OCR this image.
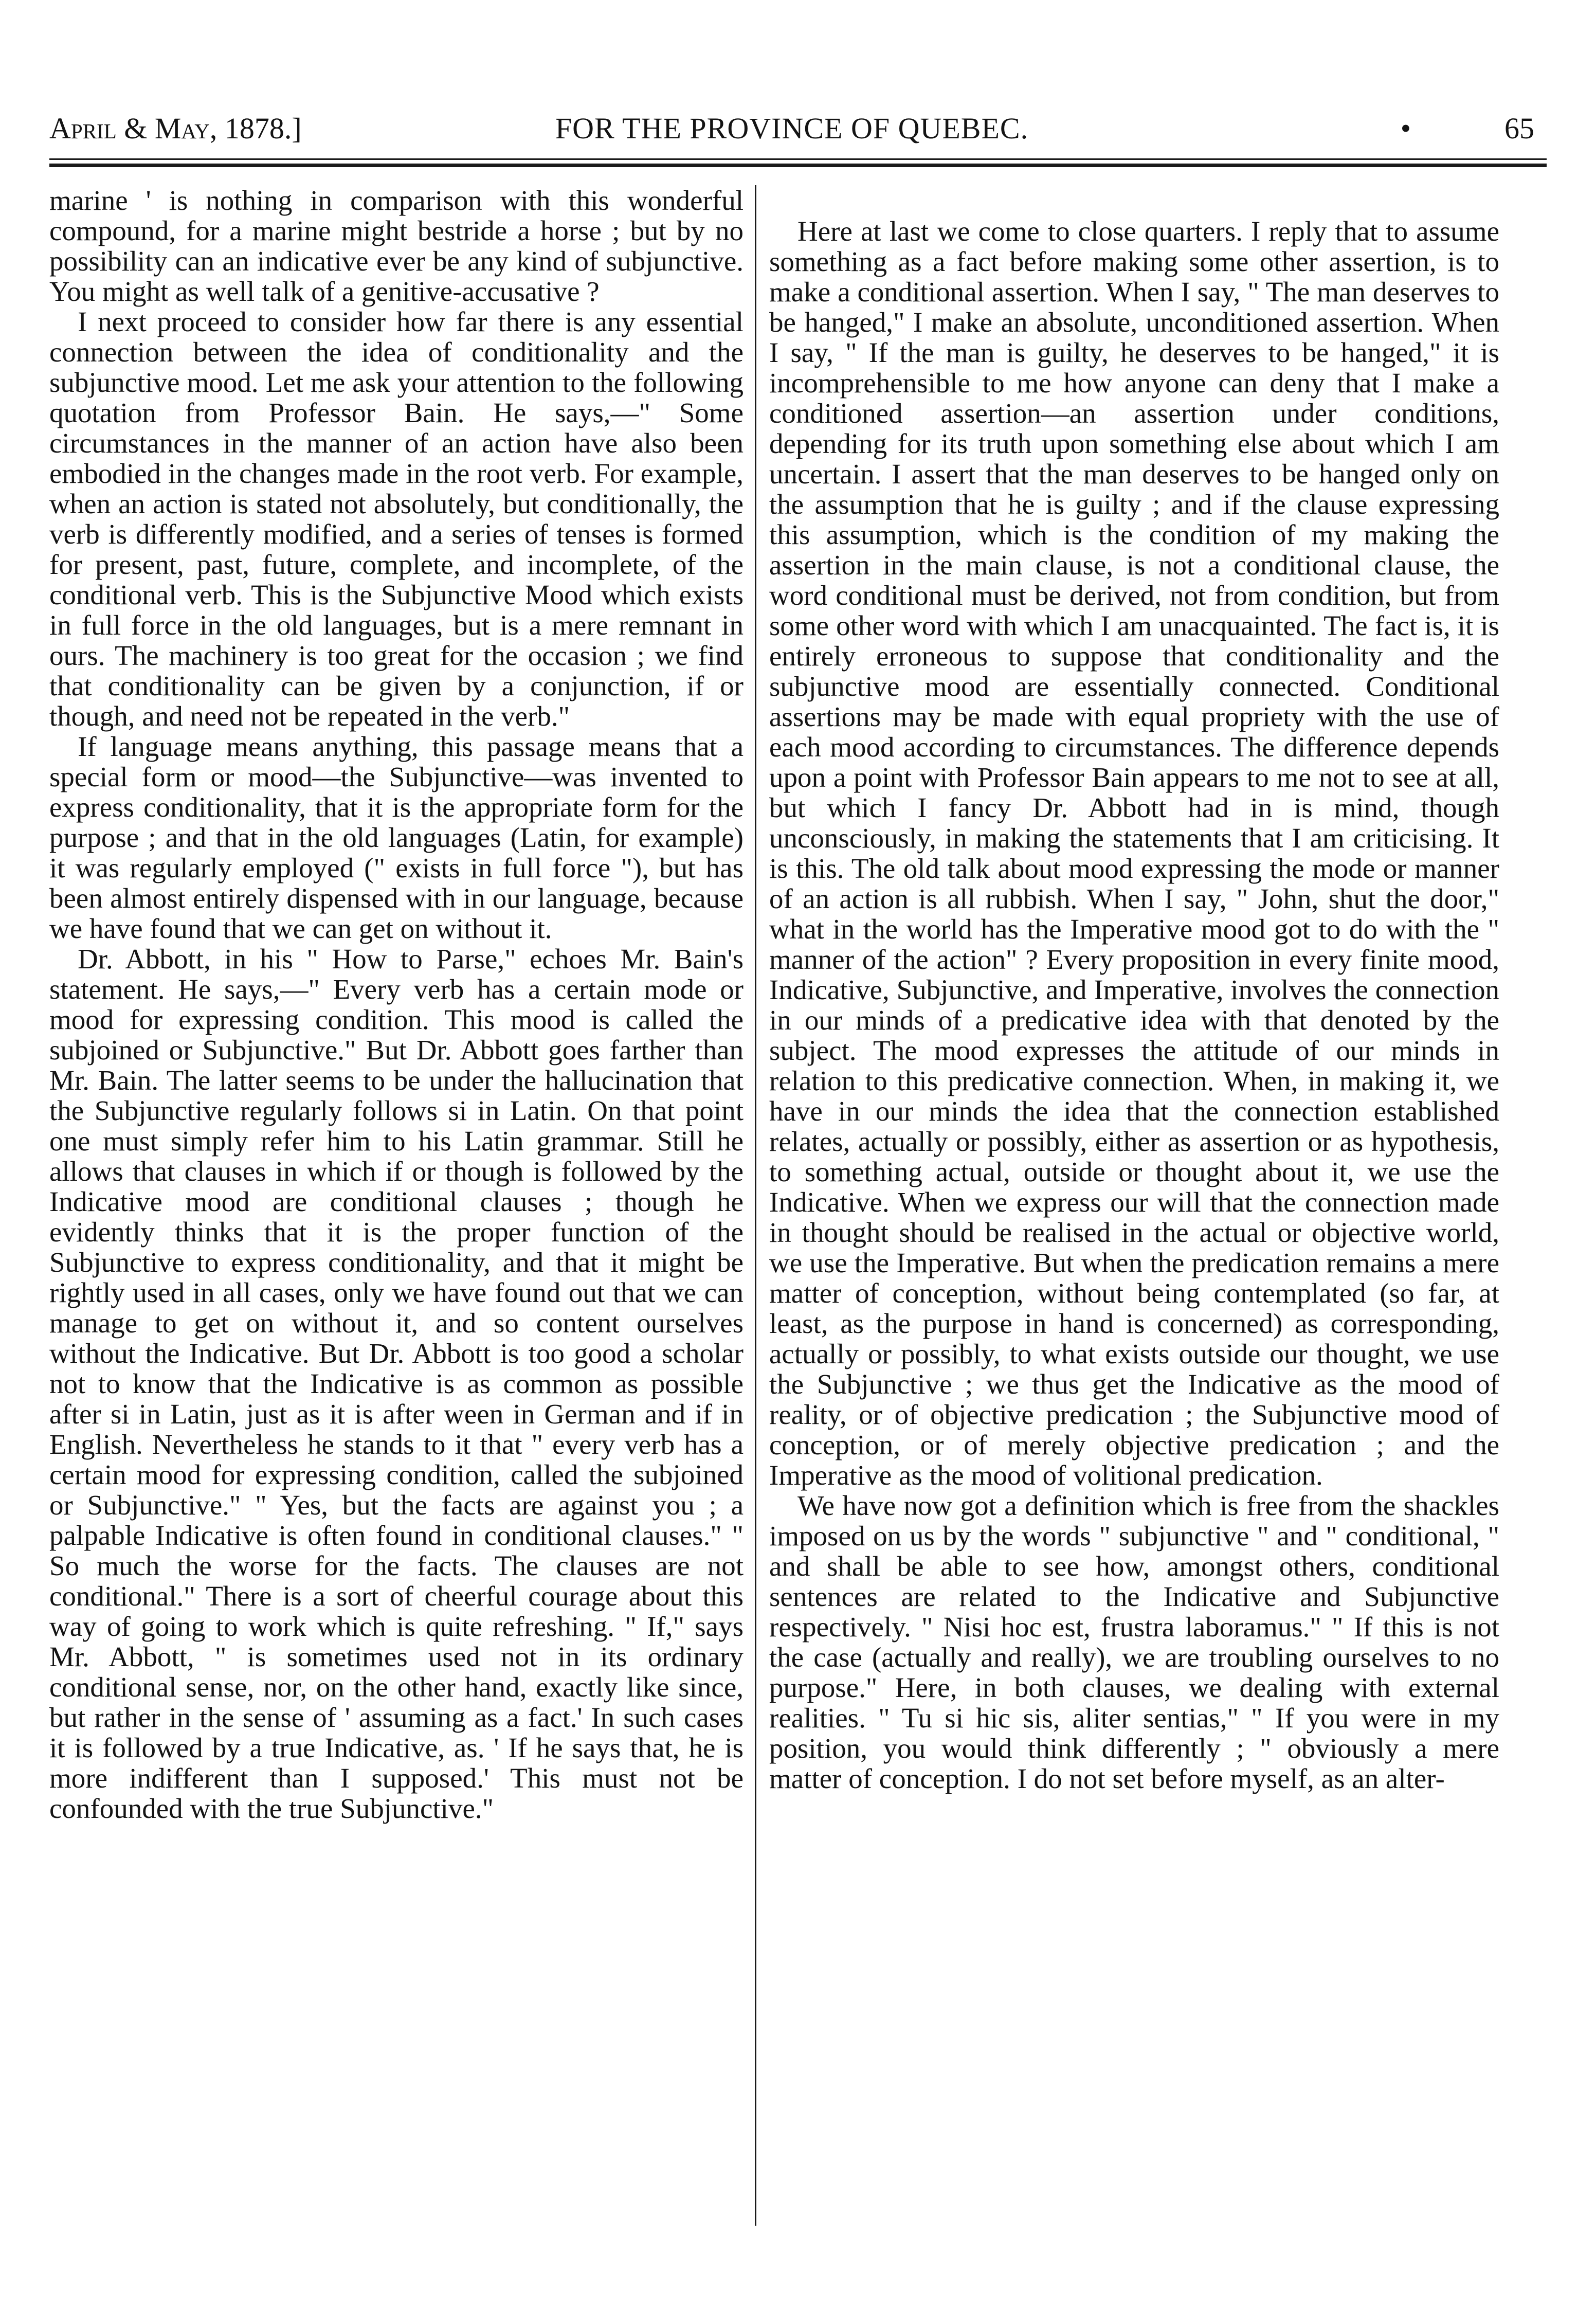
April & May, 1878.]	FOR THE PROVINCE OF QUEBEC.	•	65

marine ' is nothing in comparison with this wonderful compound, for a marine might bestride a horse ; but by no possibility can an indicative ever be any kind of subjunctive. You might as well talk of a genitive-accusative ?

I next proceed to consider how far there is any essential connection between the idea of conditionality and the subjunctive mood. Let me ask your attention to the following quotation from Professor Bain. He says,—" Some circumstances in the manner of an action have also been embodied in the changes made in the root verb. For example, when an action is stated not absolutely, but conditionally, the verb is differently modified, and a series of tenses is formed for present, past, future, complete, and incomplete, of the conditional verb. This is the Subjunctive Mood which exists in full force in the old languages, but is a mere remnant in ours. The machinery is too great for the occasion ; we find that conditionality can be given by a conjunction, if or though, and need not be repeated in the verb."

If language means anything, this passage means that a special form or mood—the Subjunctive—was invented to express conditionality, that it is the appropriate form for the purpose ; and that in the old languages (Latin, for example) it was regularly employed (" exists in full force "), but has been almost entirely dispensed with in our language, because we have found that we can get on without it.

Dr. Abbott, in his " How to Parse," echoes Mr. Bain's statement. He says,—" Every verb has a certain mode or mood for expressing condition. This mood is called the subjoined or Subjunctive." But Dr. Abbott goes farther than Mr. Bain. The latter seems to be under the hallucination that the Subjunctive regularly follows si in Latin. On that point one must simply refer him to his Latin grammar. Still he allows that clauses in which if or though is followed by the Indicative mood are conditional clauses ; though he evidently thinks that it is the proper function of the Subjunctive to express conditionality, and that it might be rightly used in all cases, only we have found out that we can manage to get on without it, and so content ourselves without the Indicative. But Dr. Abbott is too good a scholar not to know that the Indicative is as common as possible after si in Latin, just as it is after ween in German and if in English. Nevertheless he stands to it that " every verb has a certain mood for expressing condition, called the subjoined or Subjunctive." " Yes, but the facts are against you ; a palpable Indicative is often found in conditional clauses." " So much the worse for the facts. The clauses are not conditional." There is a sort of cheerful courage about this way of going to work which is quite refreshing. " If," says Mr. Abbott, " is sometimes used not in its ordinary conditional sense, nor, on the other hand, exactly like since, but rather in the sense of ' assuming as a fact.' In such cases it is followed by a true Indicative, as. ' If he says that, he is more indifferent than I supposed.' This must not be confounded with the true Subjunctive."

Here at last we come to close quarters. I reply that to assume something as a fact before making some other assertion, is to make a conditional assertion. When I say, " The man deserves to be hanged," I make an absolute, unconditioned assertion. When I say, " If the man is guilty, he deserves to be hanged," it is incomprehensible to me how anyone can deny that I make a conditioned assertion—an assertion under conditions, depending for its truth upon something else about which I am uncertain. I assert that the man deserves to be hanged only on the assumption that he is guilty ; and if the clause expressing this assumption, which is the condition of my making the assertion in the main clause, is not a conditional clause, the word conditional must be derived, not from condition, but from some other word with which I am unacquainted. The fact is, it is entirely erroneous to suppose that conditionality and the subjunctive mood are essentially connected. Conditional assertions may be made with equal propriety with the use of each mood according to circumstances. The difference depends upon a point with Professor Bain appears to me not to see at all, but which I fancy Dr. Abbott had in is mind, though unconsciously, in making the statements that I am criticising. It is this. The old talk about mood expressing the mode or manner of an action is all rubbish. When I say, " John, shut the door," what in the world has the Imperative mood got to do with the " manner of the action" ? Every proposition in every finite mood, Indicative, Subjunctive, and Imperative, involves the connection in our minds of a predicative idea with that denoted by the subject. The mood expresses the attitude of our minds in relation to this predicative connection. When, in making it, we have in our minds the idea that the connection established relates, actually or possibly, either as assertion or as hypothesis, to something actual, outside or thought about it, we use the Indicative. When we express our will that the connection made in thought should be realised in the actual or objective world, we use the Imperative. But when the predication remains a mere matter of conception, without being contemplated (so far, at least, as the purpose in hand is concerned) as corresponding, actually or possibly, to what exists outside our thought, we use the Subjunctive ; we thus get the Indicative as the mood of reality, or of objective predication ; the Subjunctive mood of conception, or of merely objective predication ; and the Imperative as the mood of volitional predication.

We have now got a definition which is free from the shackles imposed on us by the words " subjunctive " and " conditional, " and shall be able to see how, amongst others, conditional sentences are related to the Indicative and Subjunctive respectively. " Nisi hoc est, frustra laboramus." " If this is not the case (actually and really), we are troubling ourselves to no purpose." Here, in both clauses, we dealing with external realities. " Tu si hic sis, aliter sentias," " If you were in my position, you would think differently ; " obviously a mere matter of conception. I do not set before myself, as an alter-
